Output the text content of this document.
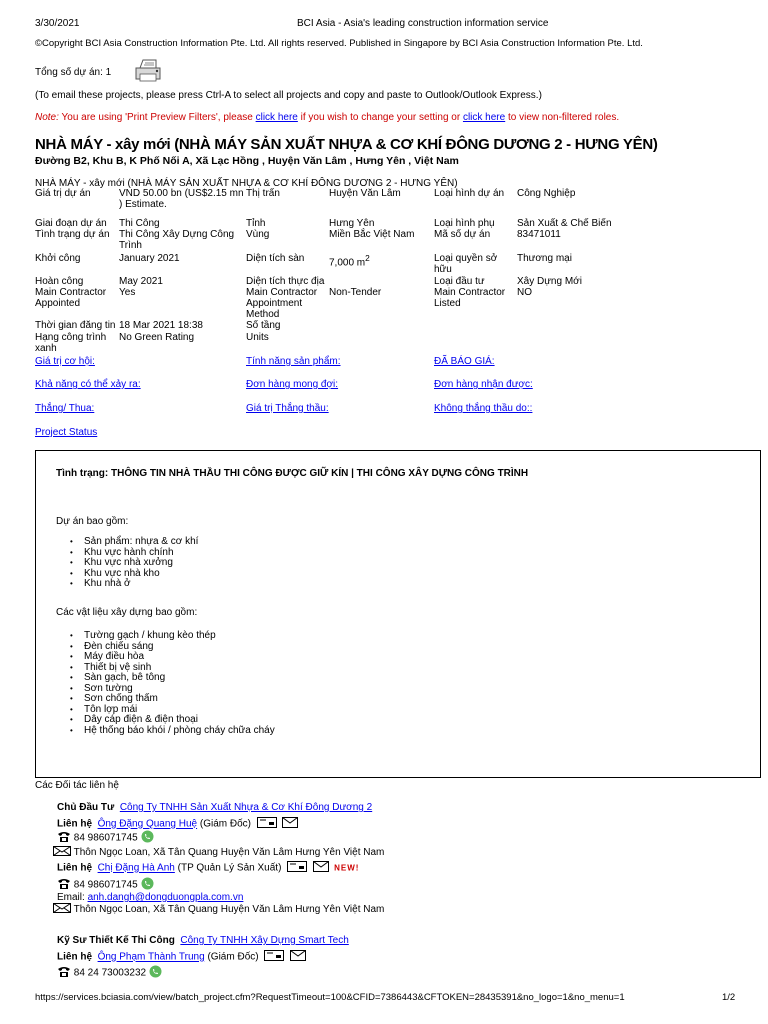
3/30/2021	BCI Asia - Asia's leading construction information service
©Copyright BCI Asia Construction Information Pte. Ltd. All rights reserved. Published in Singapore by BCI Asia Construction Information Pte. Ltd.
Tổng số dự án: 1
(To email these projects, please press Ctrl-A to select all projects and copy and paste to Outlook/Outlook Express.)
Note: You are using 'Print Preview Filters', please click here if you wish to change your setting or click here to view non-filtered roles.
NHÀ MÁY - xây mới (NHÀ MÁY SẢN XUẤT NHỰA & CƠ KHÍ ĐÔNG DƯƠNG 2 - HƯNG YÊN)
Đường B2, Khu B, K Phố Nối A, Xã Lạc Hồng , Huyện Văn Lâm , Hưng Yên , Việt Nam
NHÀ MÁY - xây mới (NHÀ MÁY SẢN XUẤT NHỰA & CƠ KHÍ ĐÔNG DƯƠNG 2 - HƯNG YÊN)
Giá trị dự án	VND 50.00 bn (US$2.15 mn ) Estimate.	Thị trấn	Huyện Văn Lâm	Loại hình dự án	Công Nghiệp
Giai đoạn dự án	Thi Công	Tỉnh	Hưng Yên	Loại hình phụ	Sản Xuất & Chế Biến
Tình trạng dự án	Thi Công Xây Dựng Công Trình	Vùng	Miền Bắc Việt Nam	Mã số dự án	83471011
Khởi công	January 2021	Diện tích sàn	7,000 $m^2$	Loại quyền sở hữu	Thương mại
Hoàn công	May 2021	Diện tích thực địa		Loại đầu tư	Xây Dựng Mới
Main Contractor Appointed	Yes	Main Contractor Appointment Method	Non-Tender	Main Contractor Listed	NO
Thời gian đăng tin	18 Mar 2021 18:38	Số tầng			
Hạng công trình xanh	No Green Rating	Units			
Giá trị cơ hội:		Tính năng sản phẩm:		ĐÃ BÁO GIÁ:	
Khả năng có thể xảy ra:		Đơn hàng mong đợi:		Đơn hàng nhận được:	
Thắng/ Thua:		Giá trị Thắng thầu:		Không thắng thầu do::	
Project Status					
Tình trạng: THÔNG TIN NHÀ THẦU THI CÔNG ĐƯỢC GIỮ KÍN | THI CÔNG XÂY DỰNG CÔNG TRÌNH
Dự án bao gồm:
• Sản phẩm: nhựa & cơ khí
• Khu vực hành chính
• Khu vực nhà xưởng
• Khu vực nhà kho
• Khu nhà ở
Các vật liệu xây dựng bao gồm:
• Tường gạch / khung kèo thép
• Đèn chiếu sáng
• Máy điều hòa
• Thiết bị vệ sinh
• Sàn gạch, bê tông
• Sơn tường
• Sơn chống thấm
• Tôn lợp mái
• Dây cáp điện & điện thoại
• Hệ thống báo khói / phòng cháy chữa cháy
Các Đối tác liên hệ
Chủ Đầu Tư Công Ty TNHH Sản Xuất Nhựa & Cơ Khí Đông Dương 2
Liên hệ Ông Đặng Quang Huệ (Giám Đốc)
84 986071745
Thôn Ngọc Loan, Xã Tân Quang Huyện Văn Lâm Hưng Yên Việt Nam
Liên hệ Chị Đặng Hà Anh (TP Quản Lý Sản Xuất)	NEW!
84 986071745
Email: anh.dangh@dongduongpla.com.vn
Thôn Ngọc Loan, Xã Tân Quang Huyện Văn Lâm Hưng Yên Việt Nam
Kỹ Sư Thiết Kế Thi Công Công Ty TNHH Xây Dựng Smart Tech
Liên hệ Ông Phạm Thành Trung (Giám Đốc)
84 24 73003232
https://services.bciasia.com/view/batch_project.cfm?RequestTimeout=100&CFID=7386443&CFTOKEN=28435391&no_logo=1&no_menu=1	1/2
